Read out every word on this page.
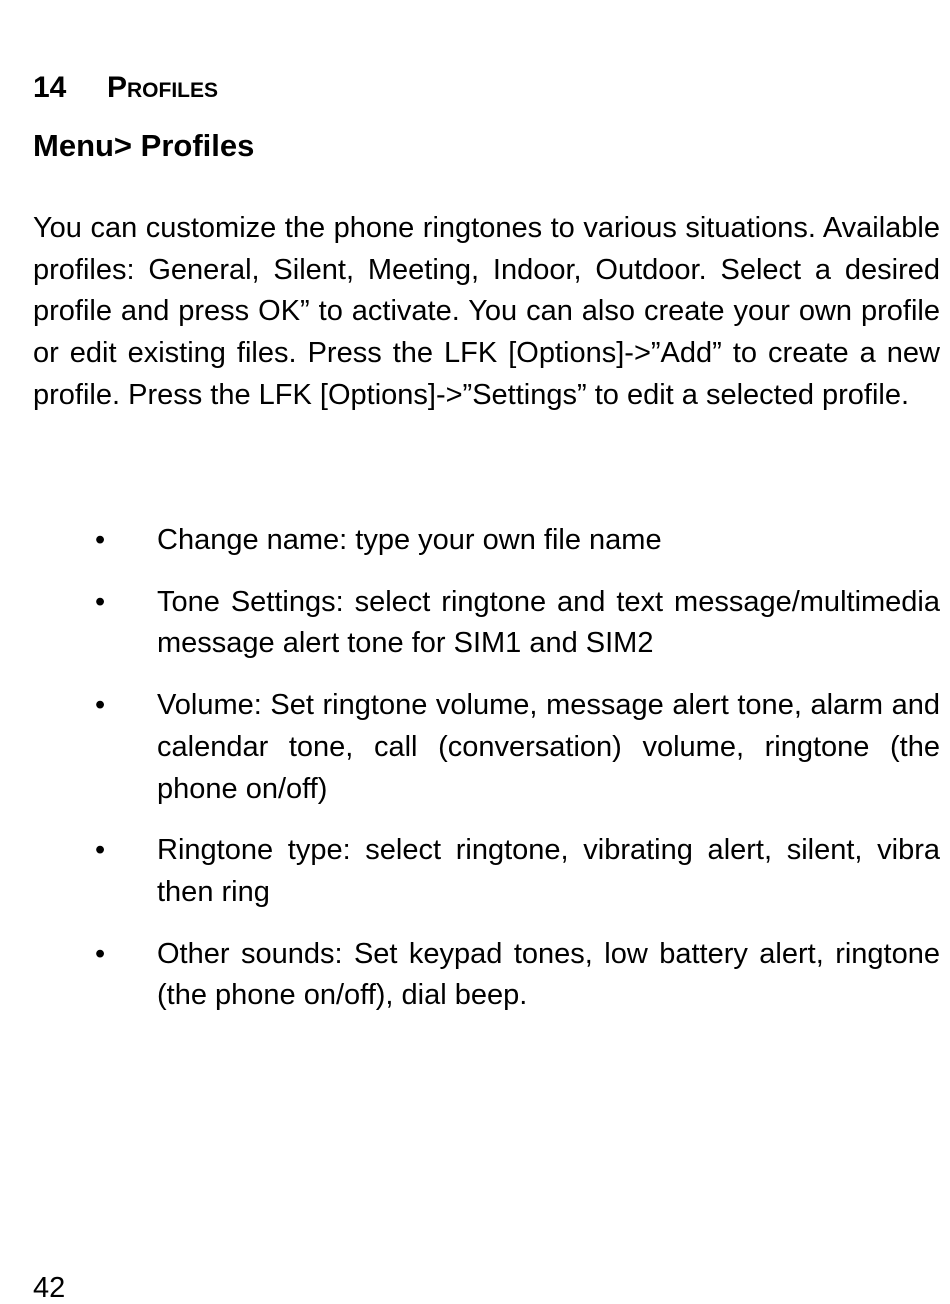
14 Profiles
Menu> Profiles

You can customize the phone ringtones to various situations. Available profiles: General, Silent, Meeting, Indoor, Outdoor. Select a desired profile and press OK” to activate. You can also create your own profile or edit existing files. Press the LFK [Options]->”Add” to create a new profile. Press the LFK [Options]->”Settings” to edit a selected profile.

•	Change name: type your own file name
•	Tone Settings: select ringtone and text message/multimedia message alert tone for SIM1 and SIM2
•	Volume: Set ringtone volume, message alert tone, alarm and calendar tone, call (conversation) volume, ringtone (the phone on/off)
•	Ringtone type: select ringtone, vibrating alert, silent, vibra then ring
•	Other sounds: Set keypad tones, low battery alert, ringtone (the phone on/off), dial beep.
42
